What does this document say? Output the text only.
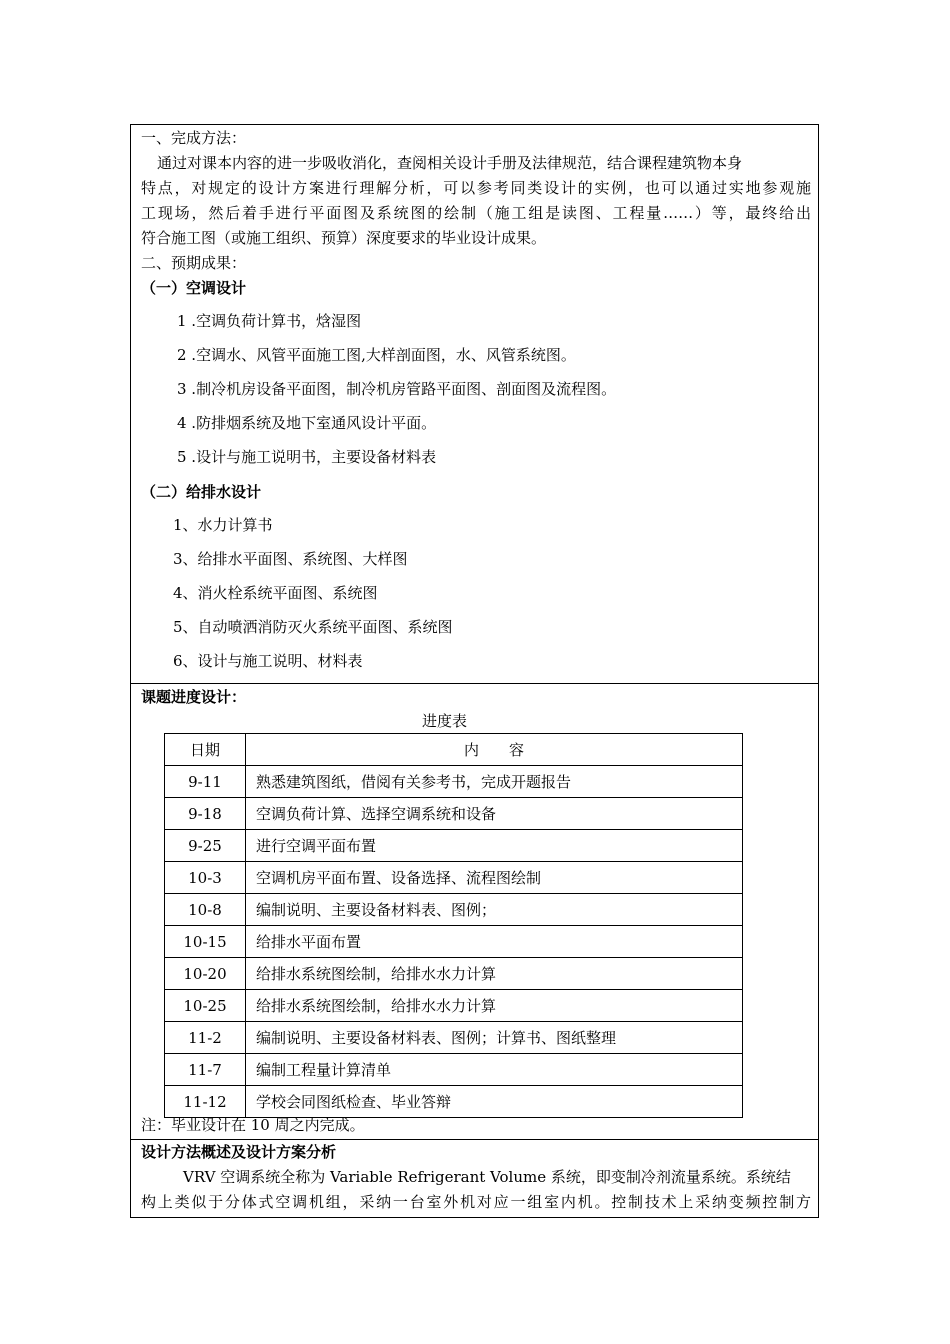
一、完成方法：
通过对课本内容的进一步吸收消化，查阅相关设计手册及法律规范，结合课程建筑物本身
特点，对规定的设计方案进行理解分析，可以参考同类设计的实例，也可以通过实地参观施
工现场，然后着手进行平面图及系统图的绘制（施工组是读图、工程量……）等，最终给出
符合施工图（或施工组织、预算）深度要求的毕业设计成果。
二、预期成果：
（一）空调设计
1 .空调负荷计算书，焓湿图
2 .空调水、风管平面施工图,大样剖面图，水、风管系统图。
3 .制冷机房设备平面图，制冷机房管路平面图、剖面图及流程图。
4 .防排烟系统及地下室通风设计平面。
5 .设计与施工说明书，主要设备材料表
（二）给排水设计
1、水力计算书
3、给排水平面图、系统图、大样图
4、消火栓系统平面图、系统图
5、自动喷洒消防灭火系统平面图、系统图
6、设计与施工说明、材料表
课题进度设计：
进度表
日期	内　　容
9-11	熟悉建筑图纸，借阅有关参考书，完成开题报告
9-18	空调负荷计算、选择空调系统和设备
9-25	进行空调平面布置
10-3	空调机房平面布置、设备选择、流程图绘制
10-8	编制说明、主要设备材料表、图例；
10-15	给排水平面布置
10-20	给排水系统图绘制，给排水水力计算
10-25	给排水系统图绘制，给排水水力计算
11-2	编制说明、主要设备材料表、图例；计算书、图纸整理
11-7	编制工程量计算清单
11-12	学校会同图纸检查、毕业答辩
注：毕业设计在 10 周之内完成。
设计方法概述及设计方案分析
VRV 空调系统全称为 Variable Refrigerant Volume 系统，即变制冷剂流量系统。系统结
构上类似于分体式空调机组，采纳一台室外机对应一组室内机。控制技术上采纳变频控制方
